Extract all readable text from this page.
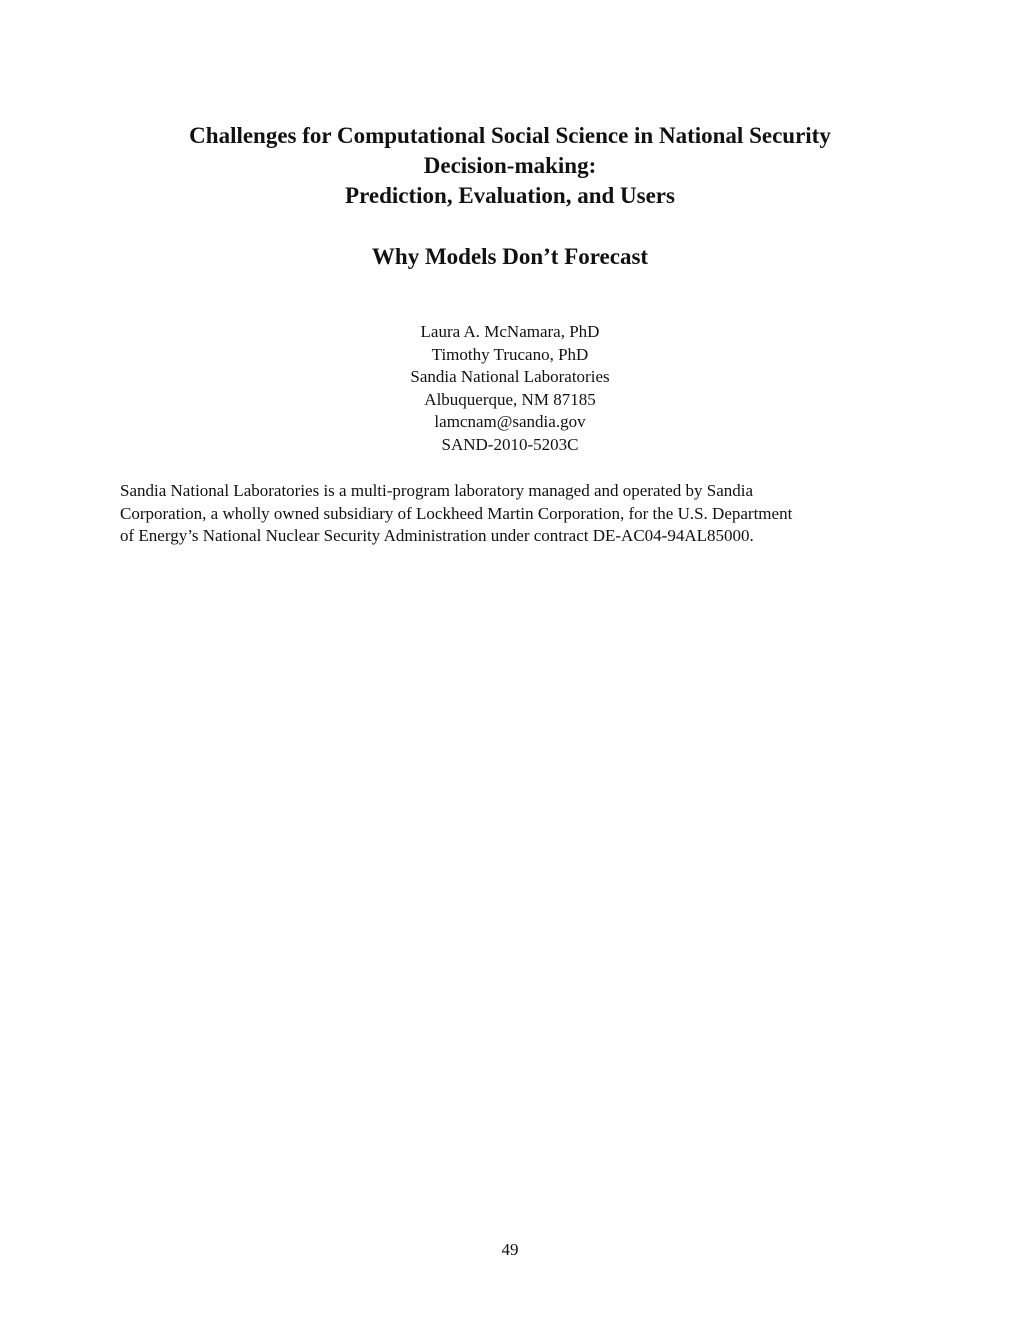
Challenges for Computational Social Science in National Security
Decision-making:
Prediction, Evaluation, and Users
Why Models Don’t Forecast
Laura A. McNamara, PhD
Timothy Trucano, PhD
Sandia National Laboratories
Albuquerque, NM 87185
lamcnam@sandia.gov
SAND-2010-5203C
Sandia National Laboratories is a multi-program laboratory managed and operated by Sandia
Corporation, a wholly owned subsidiary of Lockheed Martin Corporation, for the U.S. Department
of Energy’s National Nuclear Security Administration under contract DE-AC04-94AL85000.
49
